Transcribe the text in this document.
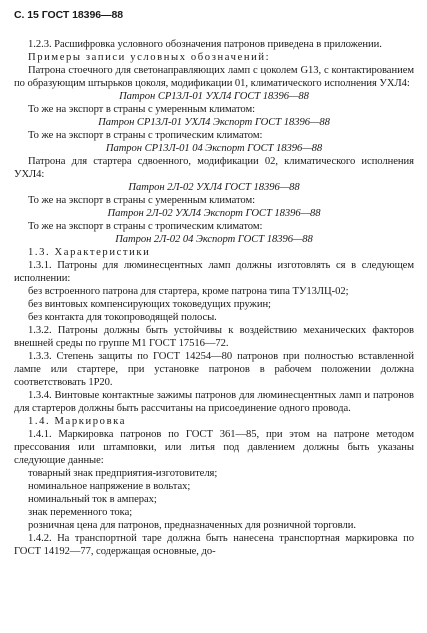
С. 15 ГОСТ 18396—88

1.2.3. Расшифровка условного обозначения патронов приведена в приложении.

Примеры записи условных обозначений:

Патрона стоечного для светонаправляющих ламп с цоколем G13, с контактированием по образующим штырьков цоколя, модификации 01, климатического исполнения УХЛ4:

Патрон СР13Л-01 УХЛ4 ГОСТ 18396—88

То же на экспорт в страны с умеренным климатом:

Патрон СР13Л-01 УХЛ4 Экспорт ГОСТ 18396—88

То же на экспорт в страны с тропическим климатом:

Патрон СР13Л-01 04 Экспорт ГОСТ 18396—88

Патрона для стартера сдвоенного, модификации 02, климатического исполнения УХЛ4:

Патрон 2Л-02 УХЛ4 ГОСТ 18396—88

То же на экспорт в страны с умеренным климатом:

Патрон 2Л-02 УХЛ4 Экспорт ГОСТ 18396—88

То же на экспорт в страны с тропическим климатом:

Патрон 2Л-02 04 Экспорт ГОСТ 18396—88

1.3. Характеристики

1.3.1. Патроны для люминесцентных ламп должны изготовлять ся в следующем исполнении:

без встроенного патрона для стартера, кроме патрона типа ТУ13ЛЦ-02;

без винтовых компенсирующих токоведущих пружин;

без контакта для токопроводящей полосы.

1.3.2. Патроны должны быть устойчивы к воздействию механических факторов внешней среды по группе М1 ГОСТ 17516—72.

1.3.3. Степень защиты по ГОСТ 14254—80 патронов при полностью вставленной лампе или стартере, при установке патронов в рабочем положении должна соответствовать 1Р20.

1.3.4. Винтовые контактные зажимы патронов для люминесцентных ламп и патронов для стартеров должны быть рассчитаны на присоединение одного провода.

1.4. Маркировка

1.4.1. Маркировка патронов по ГОСТ 361—85, при этом на патроне методом прессования или штамповки, или литья под давлением должны быть указаны следующие данные:

товарный знак предприятия-изготовителя;

номинальное напряжение в вольтах;

номинальный ток в амперах;

знак переменного тока;

розничная цена для патронов, предназначенных для розничной торговли.

1.4.2. На транспортной таре должна быть нанесена транспортная маркировка по ГОСТ 14192—77, содержащая основные, до-
